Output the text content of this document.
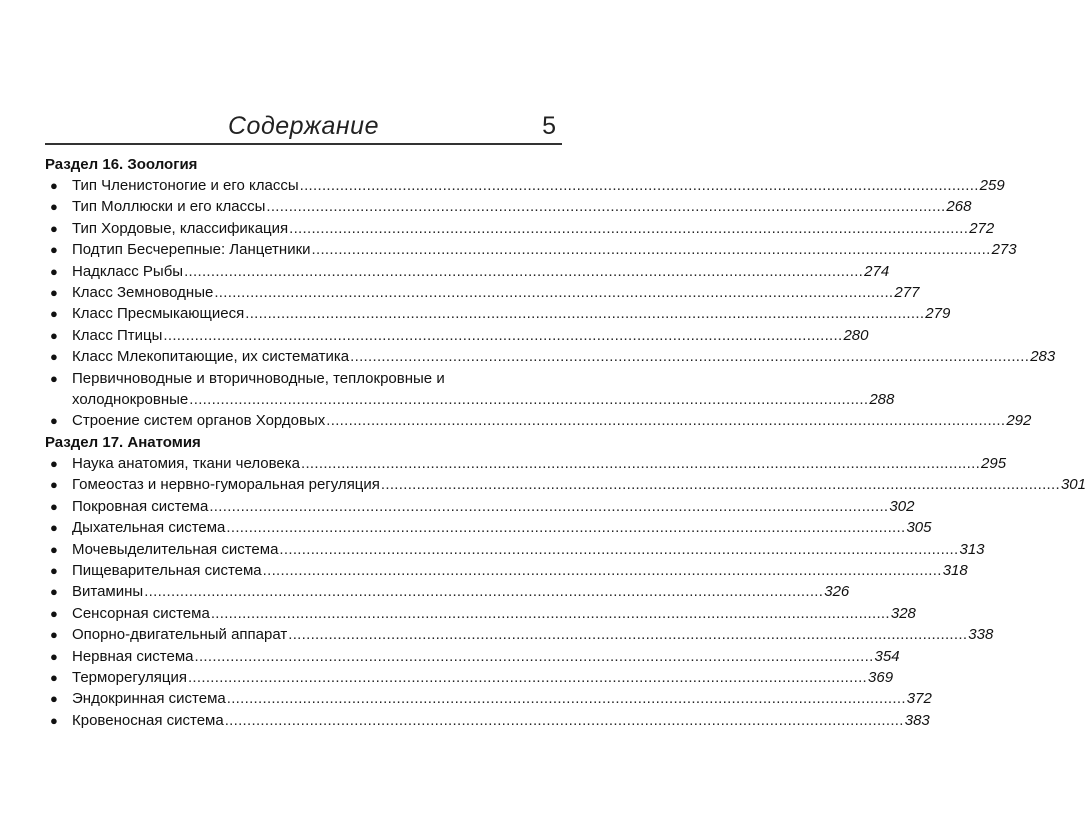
Содержание	5
Раздел 16. Зоология
● Тип Членистоногие и его классы .....	259
● Тип Моллюски и его классы .....	268
● Тип Хордовые, классификация .....	272
● Подтип Бесчерепные: Ланцетники .....	273
● Надкласс Рыбы .....	274
● Класс Земноводные .....	277
● Класс Пресмыкающиеся .....	279
● Класс Птицы .....	280
● Класс Млекопитающие, их систематика .....	283
● Первичноводные и вторичноводные, теплокровные и
холоднокровные .....	288
● Строение систем органов Хордовых .....	292
Раздел 17. Анатомия
● Наука анатомия, ткани человека .....	295
● Гомеостаз и нервно-гуморальная регуляция .....	301
● Покровная система .....	302
● Дыхательная система .....	305
● Мочевыделительная система .....	313
● Пищеварительная система .....	318
● Витамины .....	326
● Сенсорная система .....	328
● Опорно-двигательный аппарат .....	338
● Нервная система .....	354
● Терморегуляция .....	369
● Эндокринная система .....	372
● Кровеносная система .....	383
